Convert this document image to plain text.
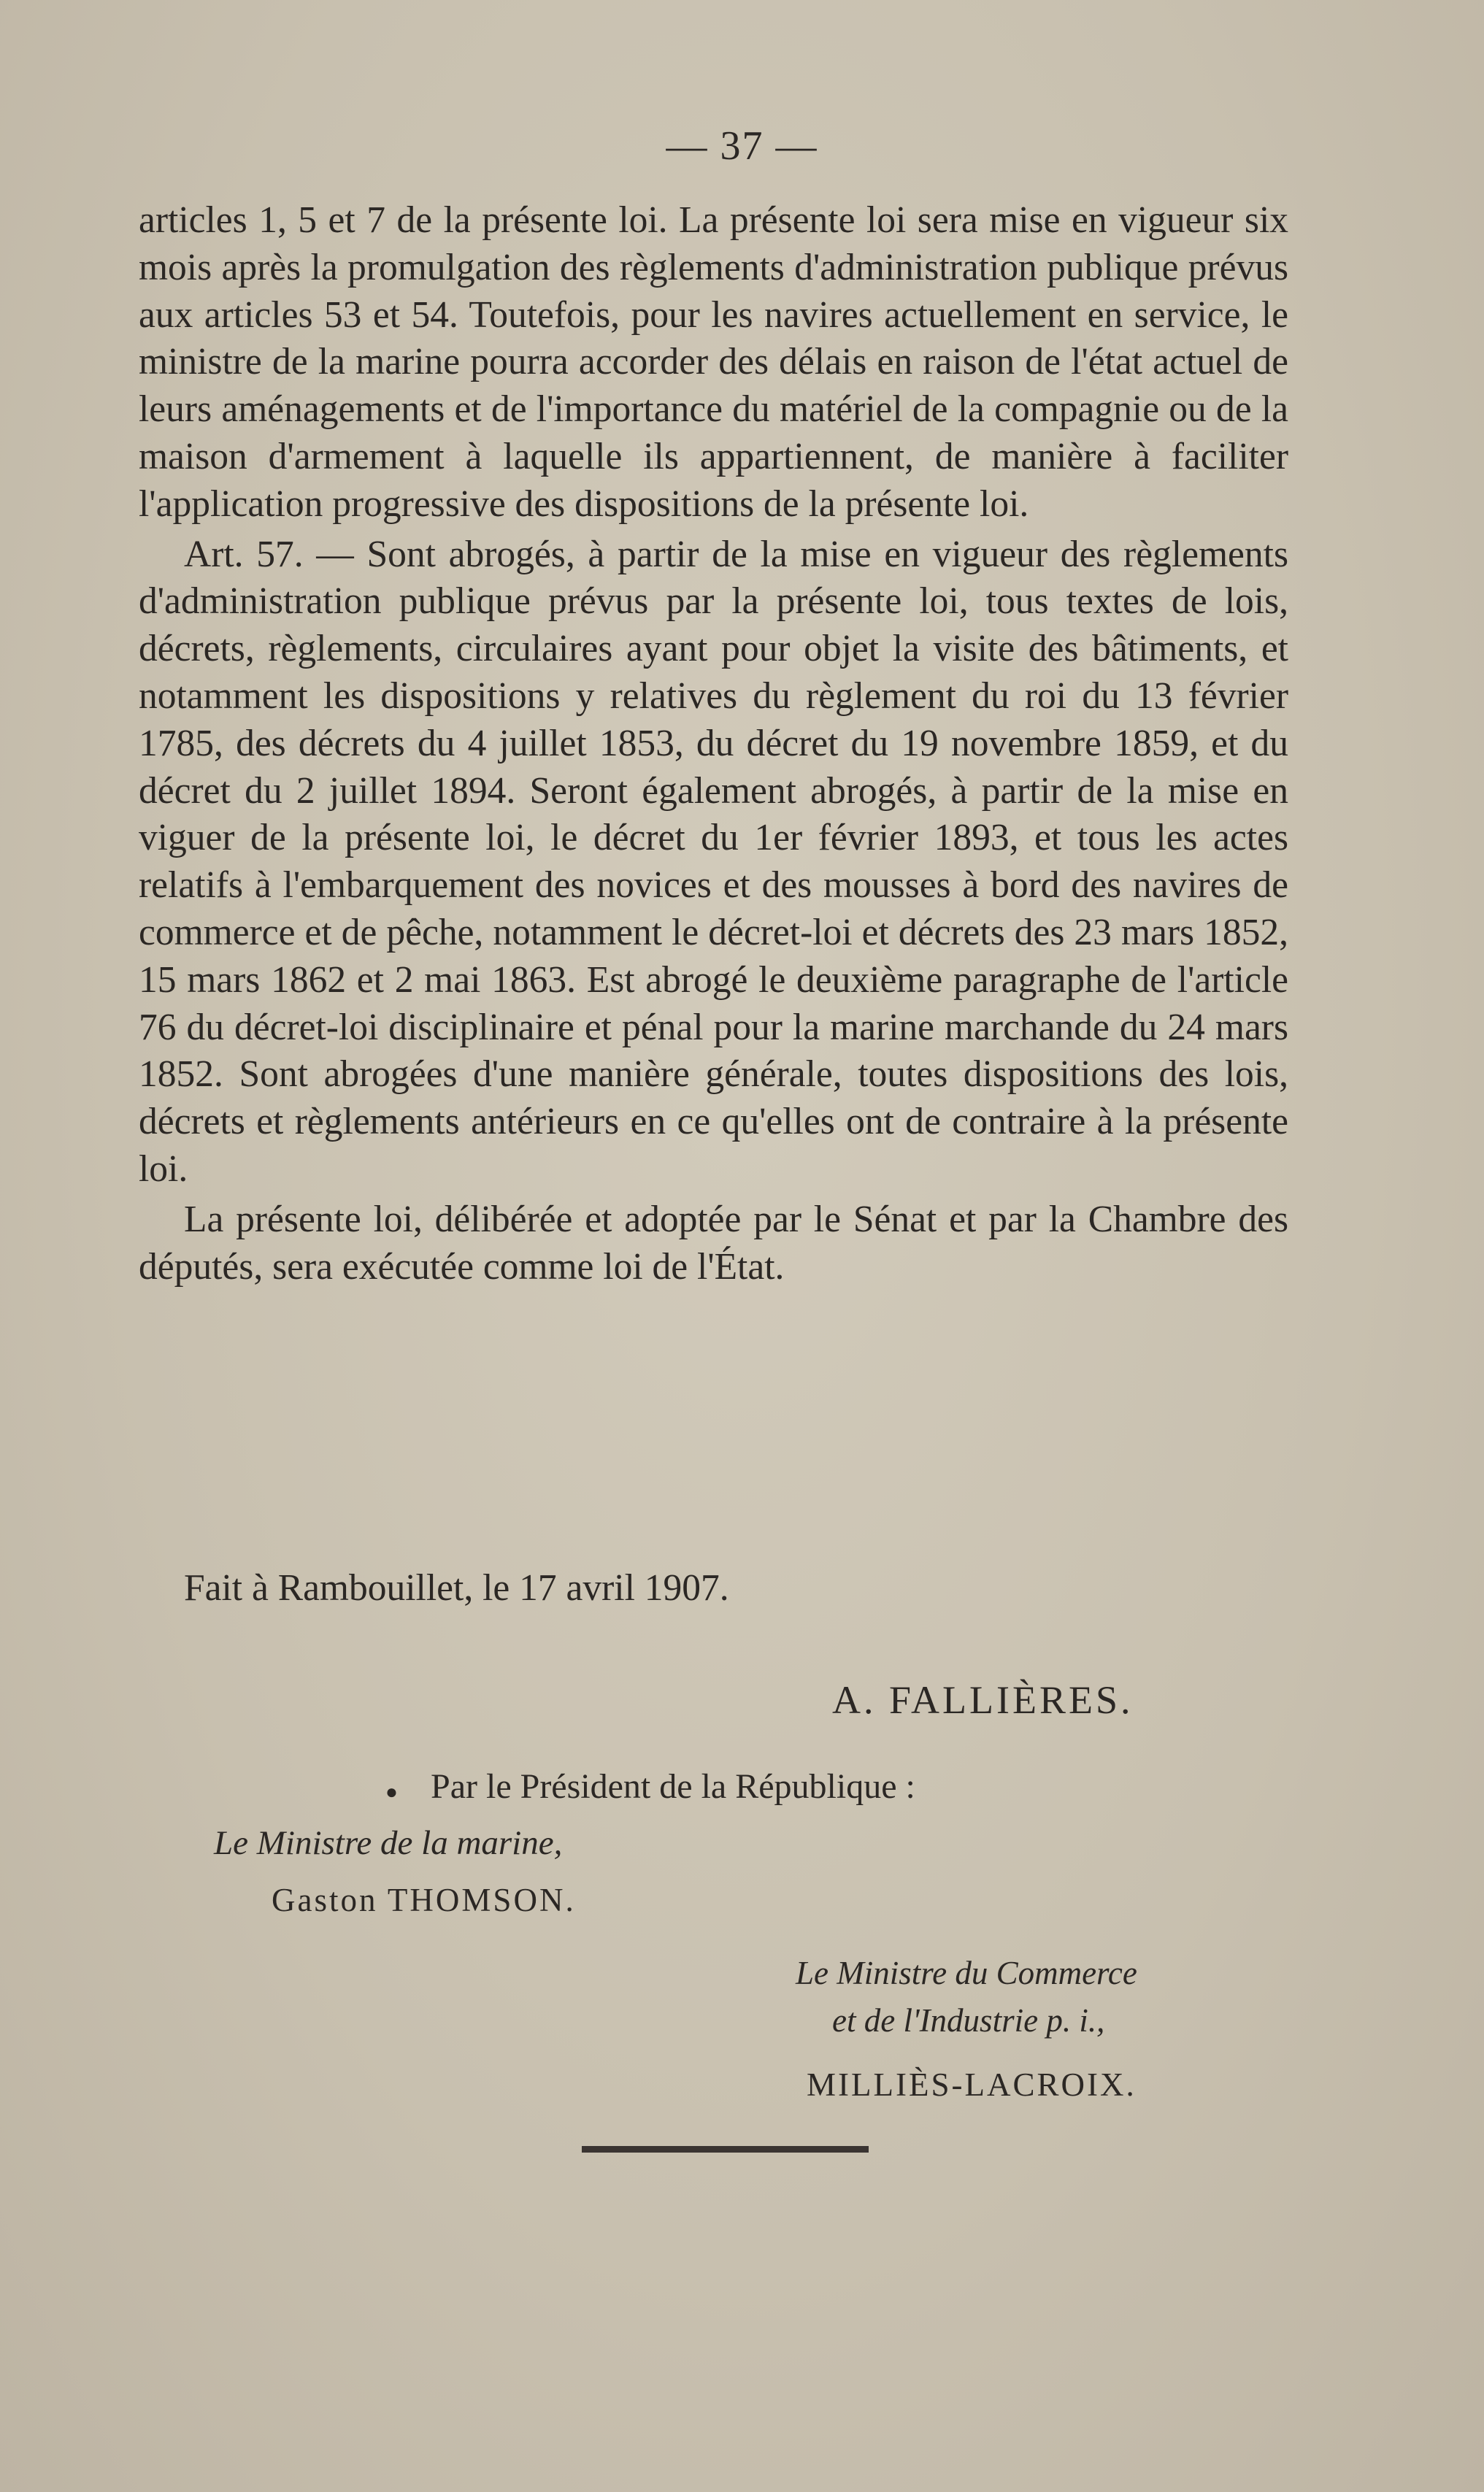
— 37 —

articles 1, 5 et 7 de la présente loi. La présente loi sera mise en vigueur six mois après la promulgation des règlements d'administration publique prévus aux articles 53 et 54. Toutefois, pour les navires actuellement en service, le ministre de la marine pourra accorder des délais en raison de l'état actuel de leurs aménagements et de l'importance du matériel de la compagnie ou de la maison d'armement à laquelle ils appartiennent, de manière à faciliter l'application progressive des dispositions de la présente loi.

Art. 57. — Sont abrogés, à partir de la mise en vigueur des règlements d'administration publique prévus par la présente loi, tous textes de lois, décrets, règlements, circulaires ayant pour objet la visite des bâtiments, et notamment les dispositions y relatives du règlement du roi du 13 février 1785, des décrets du 4 juillet 1853, du décret du 19 novembre 1859, et du décret du 2 juillet 1894. Seront également abrogés, à partir de la mise en viguer de la présente loi, le décret du 1er février 1893, et tous les actes relatifs à l'embarquement des novices et des mousses à bord des navires de commerce et de pêche, notamment le décret-loi et décrets des 23 mars 1852, 15 mars 1862 et 2 mai 1863. Est abrogé le deuxième paragraphe de l'article 76 du décret-loi disciplinaire et pénal pour la marine marchande du 24 mars 1852. Sont abrogées d'une manière générale, toutes dispositions des lois, décrets et règlements antérieurs en ce qu'elles ont de contraire à la présente loi.

La présente loi, délibérée et adoptée par le Sénat et par la Chambre des députés, sera exécutée comme loi de l'État.

Fait à Rambouillet, le 17 avril 1907.
A. FALLIÈRES.
● Par le Président de la République :
Le Ministre de la marine,
Gaston THOMSON.
Le Ministre du Commerce
et de l'Industrie p. i.,
MILLIÈS-LACROIX.
